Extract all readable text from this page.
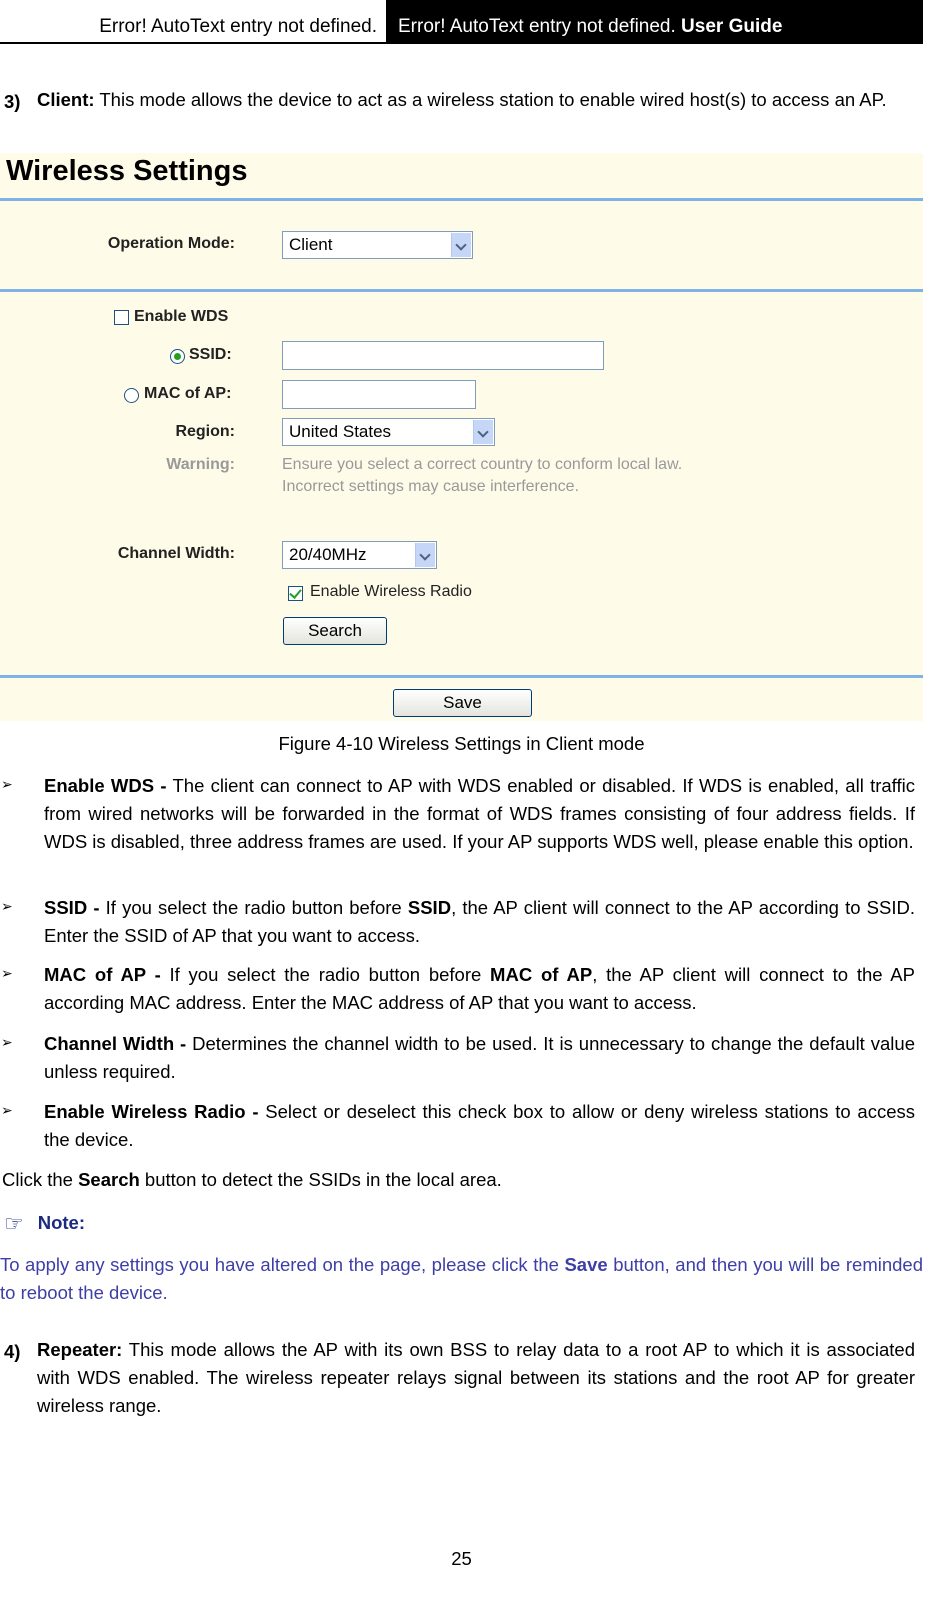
Error! AutoText entry not defined.	Error! AutoText entry not defined. User Guide
3) Client: This mode allows the device to act as a wireless station to enable wired host(s) to access an AP.
Wireless Settings
Operation Mode:	Client
Enable WDS
SSID:
MAC of AP:
Region:	United States
Warning:	Ensure you select a correct country to conform local law.
Incorrect settings may cause interference.
Channel Width:	20/40MHz
Enable Wireless Radio
Search
Save
Figure 4-10 Wireless Settings in Client mode
➢ Enable WDS - The client can connect to AP with WDS enabled or disabled. If WDS is enabled, all traffic from wired networks will be forwarded in the format of WDS frames consisting of four address fields. If WDS is disabled, three address frames are used. If your AP supports WDS well, please enable this option.
➢ SSID - If you select the radio button before SSID, the AP client will connect to the AP according to SSID. Enter the SSID of AP that you want to access.
➢ MAC of AP - If you select the radio button before MAC of AP, the AP client will connect to the AP according MAC address. Enter the MAC address of AP that you want to access.
➢ Channel Width - Determines the channel width to be used. It is unnecessary to change the default value unless required.
➢ Enable Wireless Radio - Select or deselect this check box to allow or deny wireless stations to access the device.
Click the Search button to detect the SSIDs in the local area.
☞ Note:
To apply any settings you have altered on the page, please click the Save button, and then you will be reminded to reboot the device.
4) Repeater: This mode allows the AP with its own BSS to relay data to a root AP to which it is associated with WDS enabled. The wireless repeater relays signal between its stations and the root AP for greater wireless range.
25
